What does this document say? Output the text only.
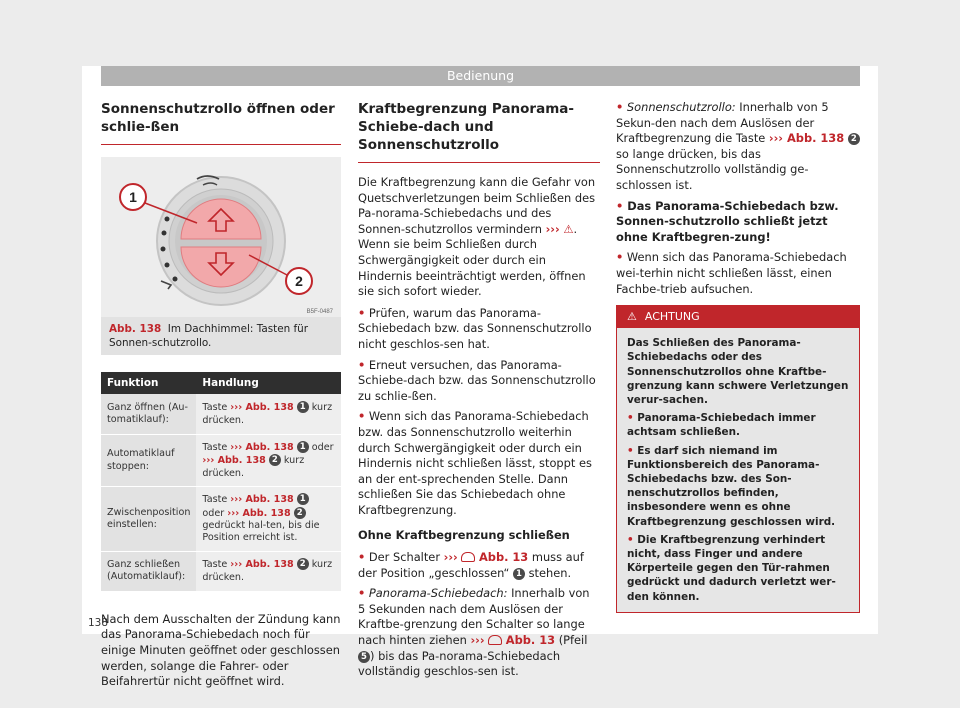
Bedienung
Sonnenschutzrollo öffnen oder schlie-ßen
1
2
B5F-0487
Abb. 138 Im Dachhimmel: Tasten für Sonnen-schutzrollo.
Funktion	Handlung
Ganz öffnen (Au-tomatiklauf):	Taste ››› Abb. 138 1 kurz drücken.
Automatiklauf stoppen:	Taste ››› Abb. 138 1 oder
››› Abb. 138 2 kurz drücken.
Zwischenposition einstellen:	Taste ››› Abb. 138 1
oder ››› Abb. 138 2 gedrückt hal-ten, bis die Position erreicht ist.
Ganz schließen (Automatiklauf):	Taste ››› Abb. 138 2 kurz drücken.

Nach dem Ausschalten der Zündung kann das Panorama-Schiebedach noch für einige Minuten geöffnet oder geschlossen werden, solange die Fahrer- oder Beifahrertür nicht geöffnet wird.

Kraftbegrenzung Panorama-Schiebe-dach und Sonnenschutzrollo

Die Kraftbegrenzung kann die Gefahr von Quetschverletzungen beim Schließen des Pa-norama-Schiebedachs und des Sonnen-schutzrollos vermindern ››› ⚠. Wenn sie beim Schließen durch Schwergängigkeit oder durch ein Hindernis beeinträchtigt werden, öffnen sie sich sofort wieder.

• Prüfen, warum das Panorama-Schiebedach bzw. das Sonnenschutzrollo nicht geschlos-sen hat.
• Erneut versuchen, das Panorama-Schiebe-dach bzw. das Sonnenschutzrollo zu schlie-ßen.
• Wenn sich das Panorama-Schiebedach bzw. das Sonnenschutzrollo weiterhin durch Schwergängigkeit oder durch ein Hindernis nicht schließen lässt, stoppt es an der ent-sprechenden Stelle. Dann schließen Sie das Schiebedach ohne Kraftbegrenzung.

Ohne Kraftbegrenzung schließen

• Der Schalter ››› Abb. 13 muss auf der Position „geschlossen“ 1 stehen.
• Panorama-Schiebedach: Innerhalb von 5 Sekunden nach dem Auslösen der Kraftbe-grenzung den Schalter so lange nach hinten ziehen ››› Abb. 13 (Pfeil 5 ) bis das Pa-norama-Schiebedach vollständig geschlos-sen ist.
• Sonnenschutzrollo: Innerhalb von 5 Sekun-den nach dem Auslösen der Kraftbegrenzung die Taste ››› Abb. 138 2 so lange drücken, bis das Sonnenschutzrollo vollständig ge-schlossen ist.
• Das Panorama-Schiebedach bzw. Sonnen-schutzrollo schließt jetzt ohne Kraftbegren-zung!
• Wenn sich das Panorama-Schiebedach wei-terhin nicht schließen lässt, einen Fachbe-trieb aufsuchen.
⚠ ACHTUNG
Das Schließen des Panorama-Schiebedachs oder des Sonnenschutzrollos ohne Kraftbe-grenzung kann schwere Verletzungen verur-sachen.
• Panorama-Schiebedach immer achtsam schließen.
• Es darf sich niemand im Funktionsbereich des Panorama-Schiebedachs bzw. des Son-nenschutzrollos befinden, insbesondere wenn es ohne Kraftbegrenzung geschlossen wird.
• Die Kraftbegrenzung verhindert nicht, dass Finger und andere Körperteile gegen den Tür-rahmen gedrückt und dadurch verletzt wer-den können.
138
